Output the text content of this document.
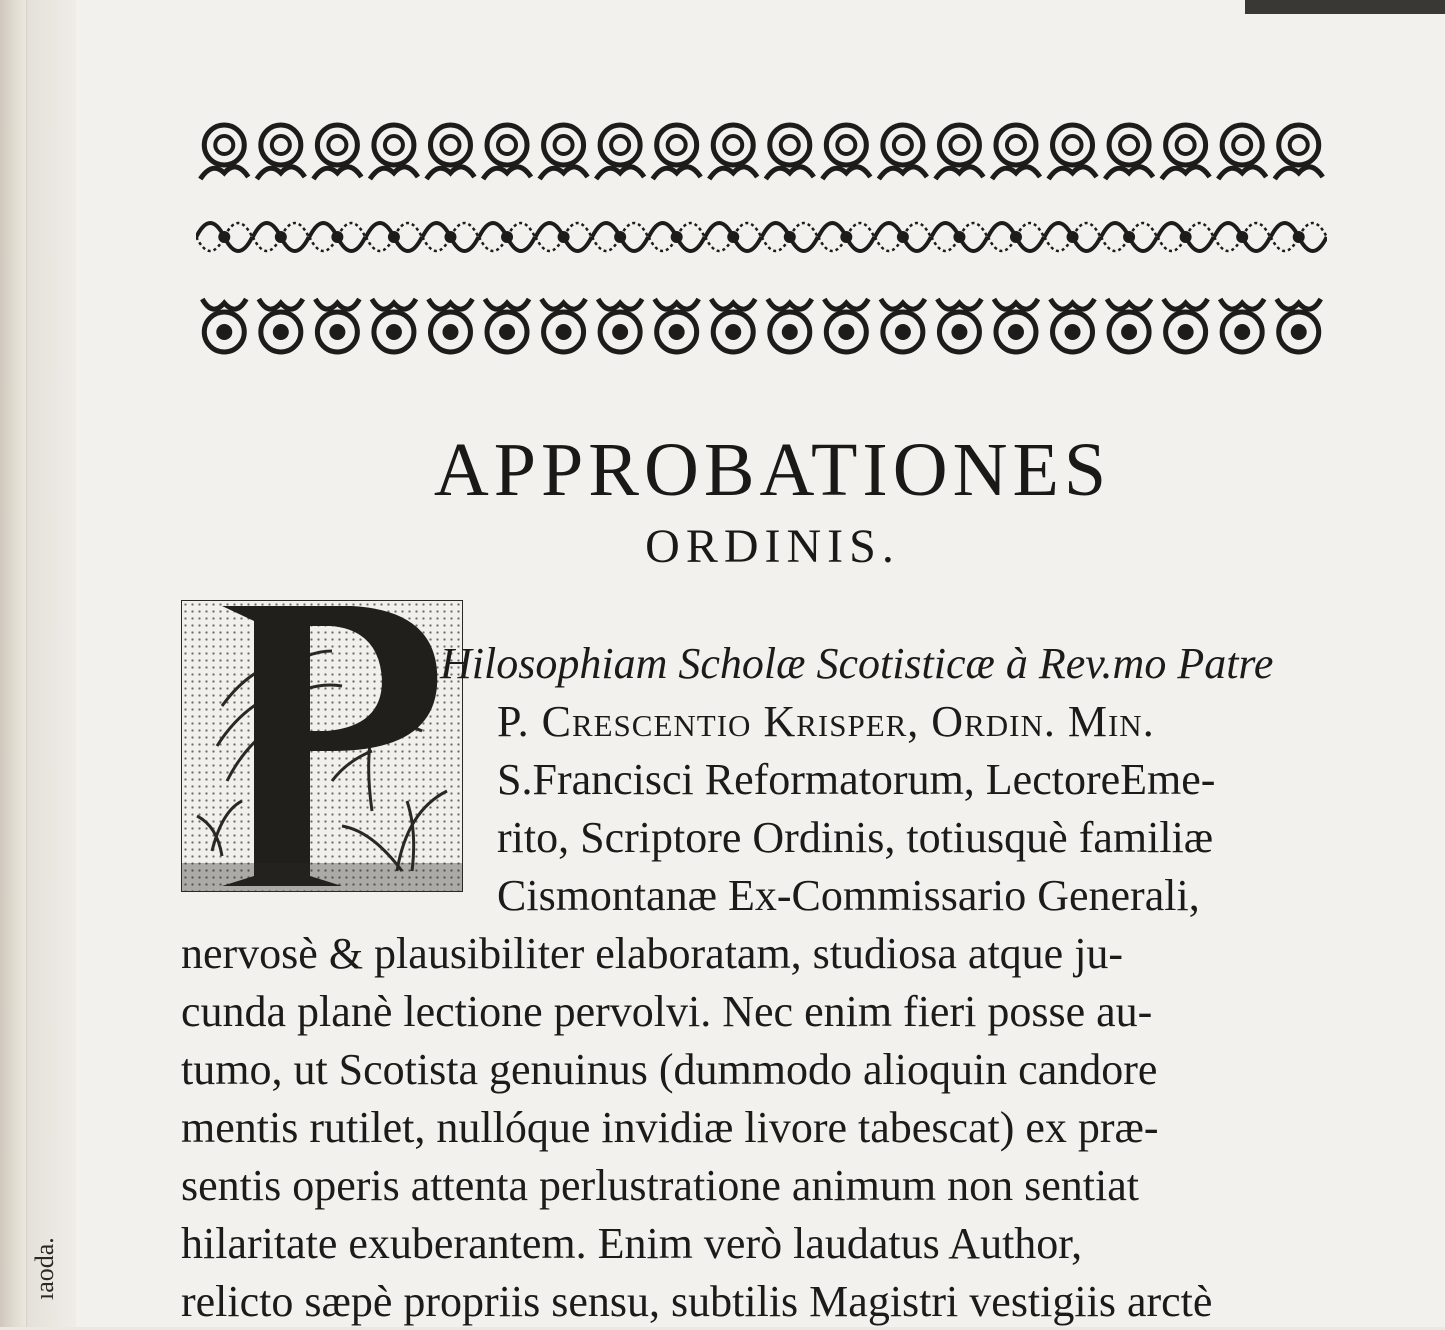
ıaoda.
APPROBATIONES
ORDINIS.
P
Hilosophiam Scholæ Scotisticæ à Rev.mo Patre
P. Crescentio Krisper, Ordin. Min.
S.Francisci Reformatorum, LectoreEme-
rito, Scriptore Ordinis, totiusquè familiæ
Cismontanæ Ex-Commissario Generali,
nervosè & plausibiliter elaboratam, studiosa atque ju-
cunda planè lectione pervolvi. Nec enim fieri posse au-
tumo, ut Scotista genuinus (dummodo alioquin candore
mentis rutilet, nullóque invidiæ livore tabescat) ex præ-
sentis operis attenta perlustratione animum non sentiat
hilaritate exuberantem. Enim verò laudatus Author,
relicto sæpè propriis sensu, subtilis Magistri vestigiis arctè
